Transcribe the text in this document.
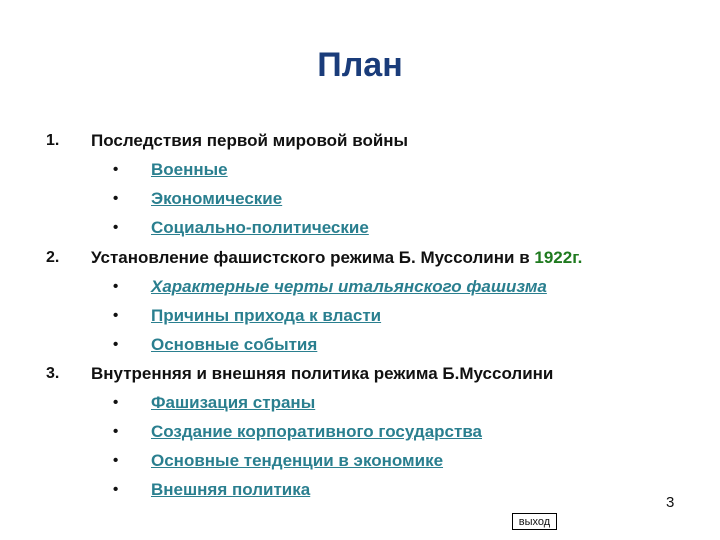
План
1. Последствия первой мировой войны
• Военные
• Экономические
• Социально-политические
2. Установление фашистского режима Б. Муссолини в 1922г.
• Характерные черты итальянского фашизма
• Причины прихода к власти
• Основные события
3. Внутренняя и внешняя политика режима Б.Муссолини
• Фашизация страны
• Создание корпоративного государства
• Основные тенденции в экономике
• Внешняя политика
3
выход
